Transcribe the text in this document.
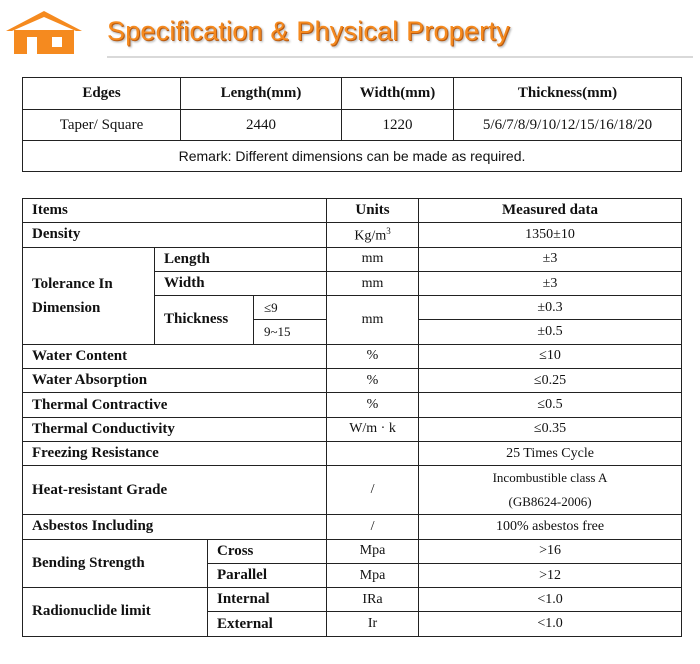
Specification & Physical Property
Edges	Length(mm)	Width(mm)	Thickness(mm)
Taper/ Square	2440	1220	5/6/7/8/9/10/12/15/16/18/20
Remark: Different dimensions can be made as required.			
Items				Units	Measured data
Density				$Kg/m^3$	1350±10
Tolerance In Dimension	Length			mm	±3
	Width			mm	±3
	Thickness		≤9	mm	±0.3
			9~15		±0.5
Water Content				%	≤10
Water Absorption				%	≤0.25
Thermal Contractive				%	≤0.5
Thermal Conductivity				W/m · k	≤0.35
Freezing Resistance					25 Times Cycle
Heat-resistant Grade				/	Incombustible class A
(GB8624-2006)

Asbestos Including				/	100% asbestos free
Bending Strength		Cross		Mpa	>16
		Parallel		Mpa	>12
Radionuclide limit		Internal		IRa	<1.0
		External		Ir	<1.0
